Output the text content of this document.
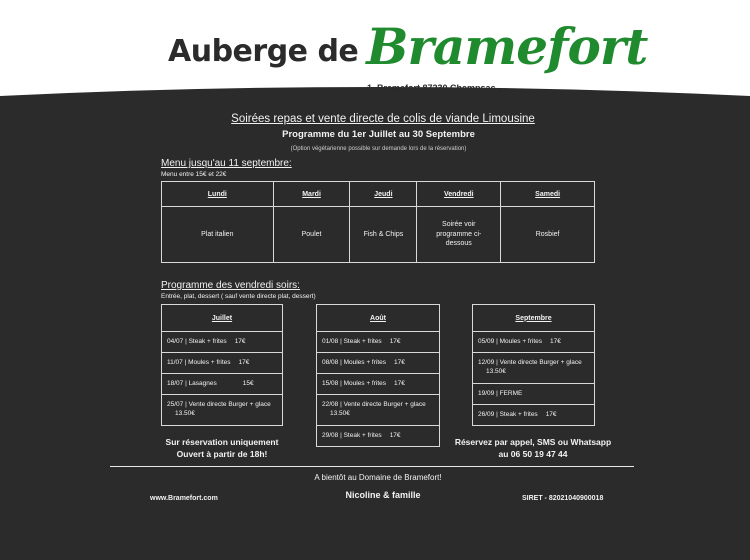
Auberge de Bramefort
1, Bramefort 87230 Champsac
Soirées repas et vente directe de colis de viande Limousine
Programme du 1er Juillet au 30 Septembre
(Option végétarienne possible sur demande lors de la réservation)
Menu jusqu'au 11 septembre:
Menu entre 15€ et 22€
Lundi	Mardi	Jeudi	Vendredi	Samedi
Plat italien	Poulet	Fish & Chips	Soirée voir programme ci-dessous	Rosbief
Programme des vendredi soirs:
Entrée, plat, dessert ( sauf vente directe plat, dessert)
Juillet
04/07 | Steak + frites 17€
11/07 | Moules + frites 17€
18/07 | Lasagnes	15€
25/07 | Vente directe Burger + glace13.50€
Août
01/08 | Steak + frites 17€
08/08 | Moules + frites 17€
15/08 | Moules + frites 17€
22/08 | Vente directe Burger + glace13.50€
29/08 | Steak + frites 17€
Septembre
05/09 | Moules + frites 17€
12/09 | Vente directe Burger + glace13.50€
19/09 | FERME
26/09 | Steak + frites 17€
Sur réservation uniquement
Ouvert à partir de 18h!
Réservez par appel, SMS ou Whatsapp
au 06 50 19 47 44
A bientôt au Domaine de Bramefort!
Nicoline & famille
www.Bramefort.com	SIRET - 82021040900018
